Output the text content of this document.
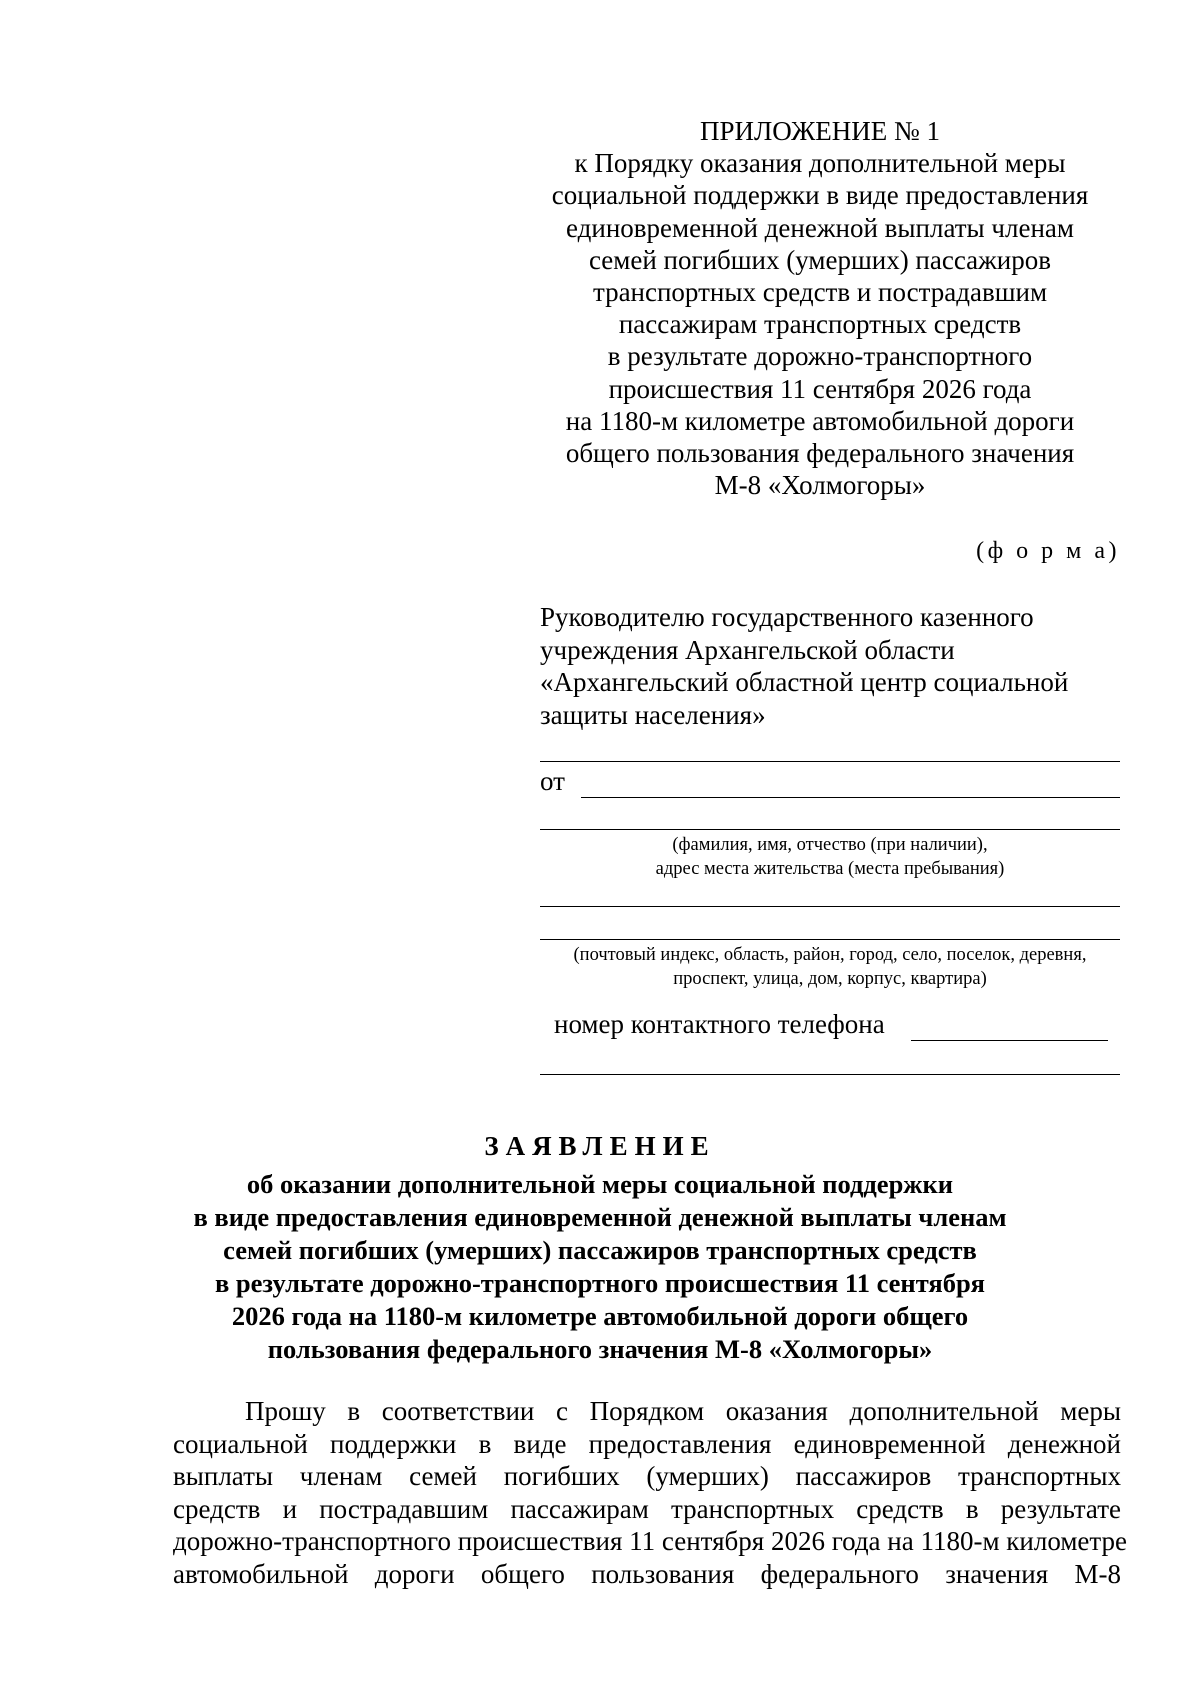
ПРИЛОЖЕНИЕ № 1
к Порядку оказания дополнительной меры
социальной поддержки в виде предоставления
единовременной денежной выплаты членам
семей погибших (умерших) пассажиров
транспортных средств и пострадавшим
пассажирам транспортных средств
в результате дорожно-транспортного
происшествия 11 сентября 2026 года
на 1180-м километре автомобильной дороги
общего пользования федерального значения
М-8 «Холмогоры»
(ф о р м а)
Руководителю государственного казенного
учреждения Архангельской области
«Архангельский областной центр социальной
защиты населения»
от
(фамилия, имя, отчество (при наличии),
адрес места жительства (места пребывания)
(почтовый индекс, область, район, город, село, поселок, деревня,
проспект, улица, дом, корпус, квартира)
номер контактного телефона
ЗАЯВЛЕНИЕ
об оказании дополнительной меры социальной поддержки
в виде предоставления единовременной денежной выплаты членам
семей погибших (умерших) пассажиров транспортных средств
в результате дорожно-транспортного происшествия 11 сентября
2026 года на 1180-м километре автомобильной дороги общего
пользования федерального значения М-8 «Холмогоры»
Прошу в соответствии с Порядком оказания дополнительной меры
социальной поддержки в виде предоставления единовременной денежной
выплаты членам семей погибших (умерших) пассажиров транспортных
средств и пострадавшим пассажирам транспортных средств в результате
дорожно-транспортного происшествия 11 сентября 2026 года на 1180-м километре
автомобильной дороги общего пользования федерального значения М-8
